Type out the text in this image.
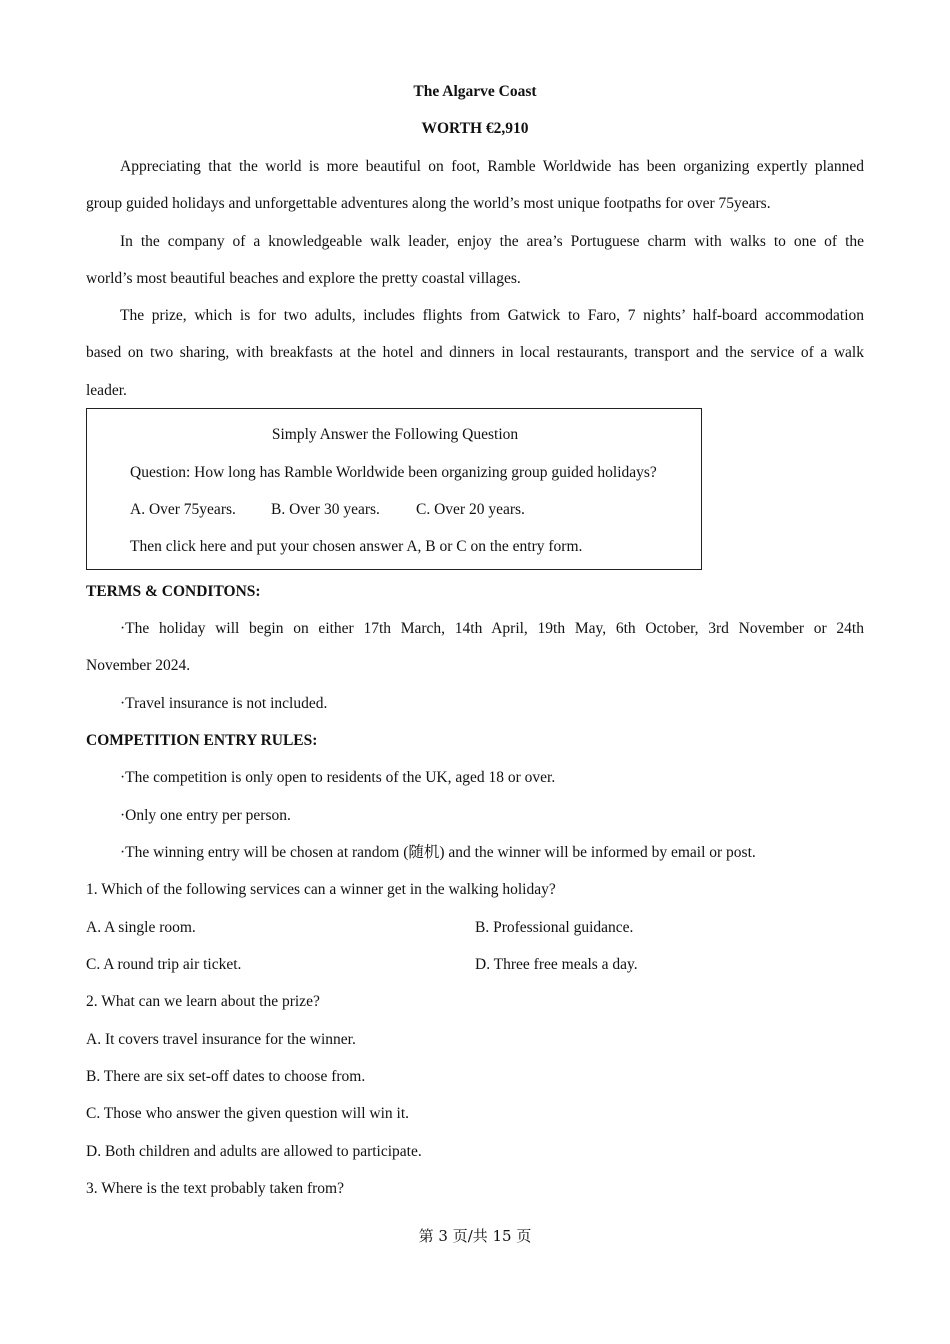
The Algarve Coast
WORTH €2,910
Appreciating that the world is more beautiful on foot, Ramble Worldwide has been organizing expertly planned
group guided holidays and unforgettable adventures along the world’s most unique footpaths for over 75years.
In the company of a knowledgeable walk leader, enjoy the area’s Portuguese charm with walks to one of the
world’s most beautiful beaches and explore the pretty coastal villages.
The prize, which is for two adults, includes flights from Gatwick to Faro, 7 nights’ half-board accommodation
based on two sharing, with breakfasts at the hotel and dinners in local restaurants, transport and the service of a walk
leader.
Simply Answer the Following Question
Question: How long has Ramble Worldwide been organizing group guided holidays?
A. Over 75years. B. Over 30 years. C. Over 20 years.
Then click here and put your chosen answer A, B or C on the entry form.
TERMS & CONDITONS:
·The holiday will begin on either 17th March, 14th April, 19th May, 6th October, 3rd November or 24th
November 2024.
·Travel insurance is not included.
COMPETITION ENTRY RULES:
·The competition is only open to residents of the UK, aged 18 or over.
·Only one entry per person.
·The winning entry will be chosen at random (随机) and the winner will be informed by email or post.
1. Which of the following services can a winner get in the walking holiday?
A. A single room.	B. Professional guidance.
C. A round trip air ticket.	D. Three free meals a day.
2. What can we learn about the prize?
A. It covers travel insurance for the winner.
B. There are six set-off dates to choose from.
C. Those who answer the given question will win it.
D. Both children and adults are allowed to participate.
3. Where is the text probably taken from?
第 3 页/共 15 页
